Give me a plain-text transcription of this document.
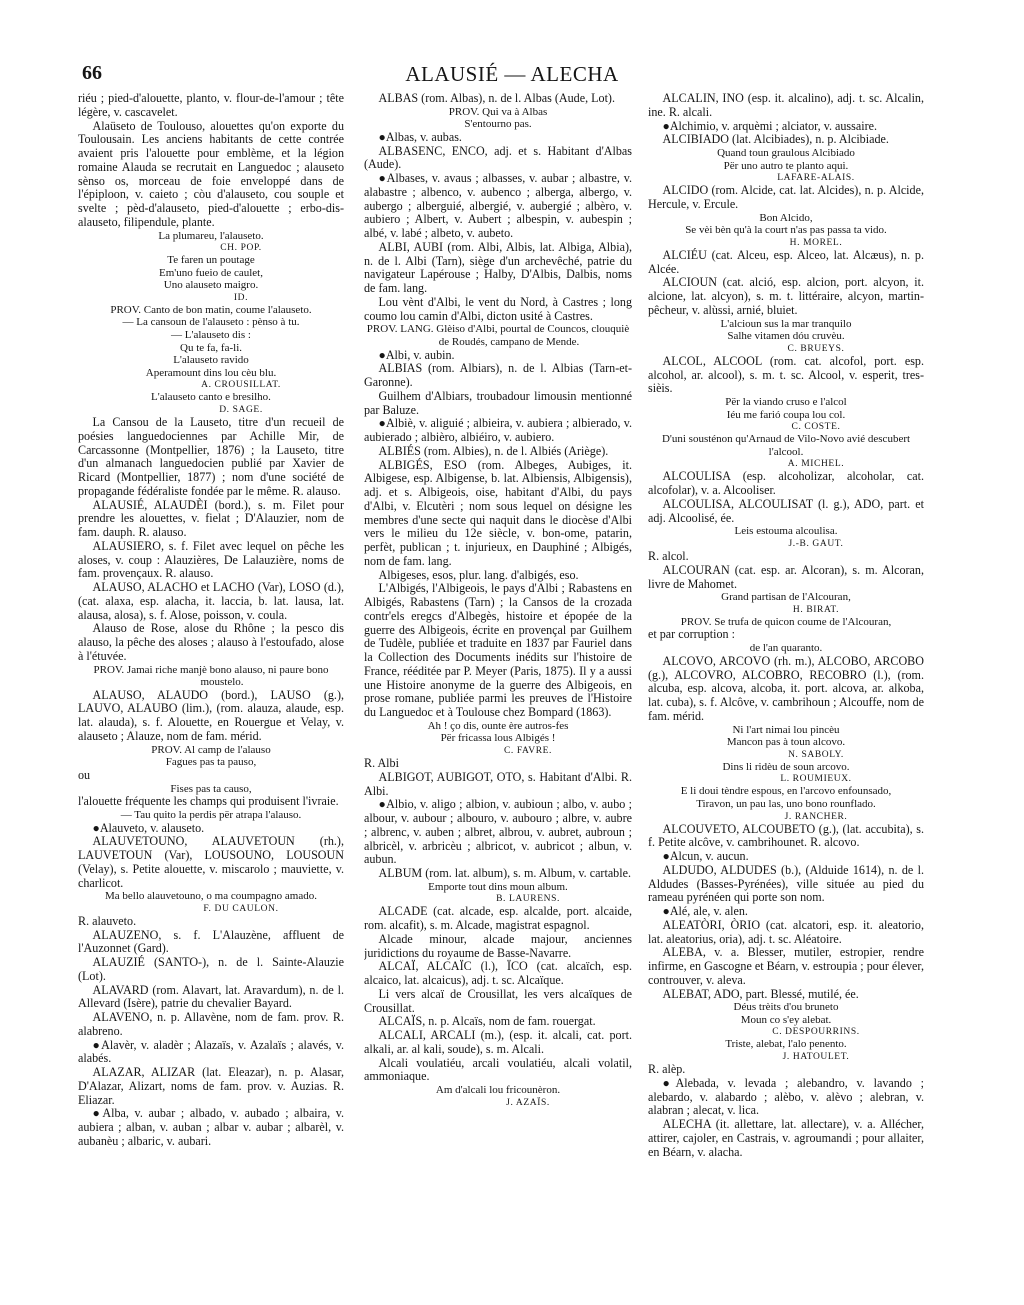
66	ALAUSIÉ — ALECHA

riéu ; pied-d'alouette, planto, v. flour-de-l'amour ; tête légère, v. cascavelet.

Alaüseto de Toulouso, alouettes qu'on exporte du Toulousain. Les anciens habitants de cette contrée avaient pris l'alouette pour emblème, et la légion romaine Alauda se recrutait en Languedoc ; alauseto sènso os, morceau de foie enveloppé dans de l'épiploon, v. caieto ; còu d'alauseto, cou souple et svelte ; pèd-d'alauseto, pied-d'alouette ; erbo-dis-alauseto, filipendule, plante.

La plumareu, l'alauseto.

CH. POP.

Te faren un poutage

Em'uno fueio de caulet,

Uno alauseto maigro.

ID.

PROV. Canto de bon matin, coume l'alauseto.

— La cansoun de l'alauseto : pènso à tu.

— L'alauseto dis :

Qu te fa, fa-li.

L'alauseto ravido

Aperamount dins lou cèu blu.

A. CROUSILLAT.

L'alauseto canto e bresilho.

D. SAGE.

La Cansou de la Lauseto, titre d'un recueil de poésies languedociennes par Achille Mir, de Carcassonne (Montpellier, 1876) ; la Lauseto, titre d'un almanach languedocien publié par Xavier de Ricard (Montpellier, 1877) ; nom d'une société de propagande fédéraliste fondée par le même. R. alauso.

ALAUSIÉ, ALAUDÈI (bord.), s. m. Filet pour prendre les alouettes, v. fielat ; D'Alauzier, nom de fam. dauph. R. alauso.

ALAUSIERO, s. f. Filet avec lequel on pêche les aloses, v. coup : Alauzières, De Lalauzière, noms de fam. provençaux. R. alauso.

ALAUSO, ALACHO et LACHO (Var), LOSO (d.), (cat. alaxa, esp. alacha, it. laccia, b. lat. lausa, lat. alausa, alosa), s. f. Alose, poisson, v. coula.

Alauso de Rose, alose du Rhône ; la pesco dis alauso, la pêche des aloses ; alauso à l'estoufado, alose à l'étuvée.

PROV. Jamai riche manjè bono alauso, ni paure bono moustelo.

ALAUSO, ALAUDO (bord.), LAUSO (g.), LAUVO, ALAUBO (lim.), (rom. alauza, alaude, esp. lat. alauda), s. f. Alouette, en Rouergue et Velay, v. alauseto ; Alauze, nom de fam. mérid.

PROV. Al camp de l'alauso

Fagues pas ta pauso,

ou

Fises pas ta causo,

l'alouette fréquente les champs qui produisent l'ivraie.

— Tau quito la perdis për atrapa l'alauso.

●Alauveto, v. alauseto.

ALAUVETOUNO, ALAUVETOUN (rh.), LAUVETOUN (Var), LOUSOUNO, LOUSOUN (Velay), s. Petite alouette, v. miscarolo ; mauviette, v. charlicot.

Ma bello alauvetouno, o ma coumpagno amado.

F. DU CAULON.

R. alauveto.

ALAUZENO, s. f. L'Alauzène, affluent de l'Auzonnet (Gard).

ALAUZIÉ (SANTO-), n. de l. Sainte-Alauzie (Lot).

ALAVARD (rom. Alavart, lat. Aravardum), n. de l. Allevard (Isère), patrie du chevalier Bayard.

ALAVENO, n. p. Allavène, nom de fam. prov. R. alabreno.

●Alavèr, v. aladèr ; Alazaïs, v. Azalaïs ; alavés, v. alabés.

ALAZAR, ALIZAR (lat. Eleazar), n. p. Alasar, D'Alazar, Alizart, noms de fam. prov. v. Auzias. R. Eliazar.

●Alba, v. aubar ; albado, v. aubado ; albaira, v. aubiera ; alban, v. auban ; albar v. aubar ; albarèl, v. aubanèu ; albaric, v. aubari.

ALBAS (rom. Albas), n. de l. Albas (Aude, Lot).

PROV. Qui va à Albas

S'entourno pas.

●Albas, v. aubas.

ALBASENC, ENCO, adj. et s. Habitant d'Albas (Aude).

●Albases, v. avaus ; albasses, v. aubar ; albastre, v. alabastre ; albenco, v. aubenco ; alberga, albergo, v. aubergo ; alberguié, albergié, v. aubergié ; albèro, v. aubiero ; Albert, v. Aubert ; albespin, v. aubespin ; albé, v. labé ; albeto, v. aubeto.

ALBI, AUBI (rom. Albi, Albis, lat. Albiga, Albia), n. de l. Albi (Tarn), siège d'un archevêché, patrie du navigateur Lapérouse ; Halby, D'Albis, Dalbis, noms de fam. lang.

Lou vènt d'Albi, le vent du Nord, à Castres ; long coumo lou camin d'Albi, dicton usité à Castres.

PROV. LANG. Glèiso d'Albi, pourtal de Councos, clouquiè de Roudés, campano de Mende.

●Albi, v. aubin.

ALBIAS (rom. Albiars), n. de l. Albias (Tarn-et-Garonne).

Guilhem d'Albiars, troubadour limousin mentionné par Baluze.

●Albiè, v. aliguié ; albieira, v. aubiera ; albierado, v. aubierado ; albièro, albiéiro, v. aubiero.

ALBIÉS (rom. Albies), n. de l. Albiés (Ariège).

ALBIGÉS, ESO (rom. Albeges, Aubiges, it. Albigese, esp. Albigense, b. lat. Albiensis, Albigensis), adj. et s. Albigeois, oise, habitant d'Albi, du pays d'Albi, v. Elcutèri ; nom sous lequel on désigne les membres d'une secte qui naquit dans le diocèse d'Albi vers le milieu du 12e siècle, v. bon-ome, patarin, perfèt, publican ; t. injurieux, en Dauphiné ; Albigés, nom de fam. lang.

Albigeses, esos, plur. lang. d'albigés, eso.

L'Albigés, l'Albigeois, le pays d'Albi ; Rabastens en Albigés, Rabastens (Tarn) ; la Cansos de la crozada contr'els eregcs d'Albegès, histoire et épopée de la guerre des Albigeois, écrite en provençal par Guilhem de Tudèle, publiée et traduite en 1837 par Fauriel dans la Collection des Documents inédits sur l'histoire de France, rééditée par P. Meyer (Paris, 1875). Il y a aussi une Histoire anonyme de la guerre des Albigeois, en prose romane, publiée parmi les preuves de l'Histoire du Languedoc et à Toulouse chez Bompard (1863).

Ah ! ço dis, ounte ère autros-fes

Për fricassa lous Albigés !

C. FAVRE.

R. Albi

ALBIGOT, AUBIGOT, OTO, s. Habitant d'Albi. R. Albi.

●Albio, v. aligo ; albion, v. aubioun ; albo, v. aubo ; albour, v. aubour ; albouro, v. aubouro ; albre, v. aubre ; albrenc, v. auben ; albret, albrou, v. aubret, aubroun ; albricèl, v. arbricèu ; albricot, v. aubricot ; albun, v. aubun.

ALBUM (rom. lat. album), s. m. Album, v. cartable.

Emporte tout dins moun album.

B. LAURENS.

ALCADE (cat. alcade, esp. alcalde, port. alcaide, rom. alcafit), s. m. Alcade, magistrat espagnol.

Alcade minour, alcade majour, anciennes juridictions du royaume de Basse-Navarre.

ALCAÏ, ALCAÏC (l.), ÏCO (cat. alcaïch, esp. alcaico, lat. alcaicus), adj. t. sc. Alcaïque.

Li vers alcaï de Crousillat, les vers alcaïques de Crousillat.

ALCAÏS, n. p. Alcaïs, nom de fam. rouergat.

ALCALI, ARCALI (m.), (esp. it. alcali, cat. port. alkali, ar. al kali, soude), s. m. Alcali.

Alcali voulatiéu, arcali voulatiéu, alcali volatil, ammoniaque.

Am d'alcali lou fricounèron.

J. AZAÏS.

ALCALIN, INO (esp. it. alcalino), adj. t. sc. Alcalin, ine. R. alcali.

●Alchimio, v. arquèmi ; alciator, v. aussaire.

ALCIBIADO (lat. Alcibiades), n. p. Alcibiade.

Quand toun graulous Alcibiado

Për uno autro te planto aqui.

LAFARE-ALAIS.

ALCIDO (rom. Alcide, cat. lat. Alcides), n. p. Alcide, Hercule, v. Ercule.

Bon Alcido,

Se vèi bèn qu'à la court n'as pas passa ta vido.

H. MOREL.

ALCIÉU (cat. Alceu, esp. Alceo, lat. Alcæus), n. p. Alcée.

ALCIOUN (cat. alció, esp. alcion, port. alcyon, it. alcione, lat. alcyon), s. m. t. littéraire, alcyon, martin-pêcheur, v. alùssi, arnié, bluiet.

L'alcioun sus la mar tranquilo

Salhe vitamen dóu cruvèu.

C. BRUEYS.

ALCOL, ALCOOL (rom. cat. alcofol, port. esp. alcohol, ar. alcool), s. m. t. sc. Alcool, v. esperit, tres-sièis.

Për la viando cruso e l'alcol

Iéu me farió coupa lou col.

C. COSTE.

D'uni sousténon qu'Arnaud de Vilo-Novo avié descubert l'alcool.

A. MICHEL.

ALCOULISA (esp. alcoholizar, alcoholar, cat. alcofolar), v. a. Alcooliser.

ALCOULISA, ALCOULISAT (l. g.), ADO, part. et adj. Alcoolisé, ée.

Leis estouma alcoulisa.

J.-B. GAUT.

R. alcol.

ALCOURAN (cat. esp. ar. Alcoran), s. m. Alcoran, livre de Mahomet.

Grand partisan de l'Alcouran,

H. BIRAT.

PROV. Se trufa de quicon coume de l'Alcouran,

et par corruption :

de l'an quaranto.

ALCOVO, ARCOVO (rh. m.), ALCOBO, ARCOBO (g.), ALCOVRO, ALCOBRO, RECOBRO (l.), (rom. alcuba, esp. alcova, alcoba, it. port. alcova, ar. alkoba, lat. cuba), s. f. Alcôve, v. cambrihoun ; Alcouffe, nom de fam. mérid.

Ni l'art nimai lou pincèu

Mancon pas à toun alcovo.

N. SABOLY.

Dins li ridèu de soun arcovo.

L. ROUMIEUX.

E li doui tèndre espous, en l'arcovo enfounsado,

Tiravon, un pau las, uno bono rounflado.

J. RANCHER.

ALCOUVETO, ALCOUBETO (g.), (lat. accubita), s. f. Petite alcôve, v. cambrihounet. R. alcovo.

●Alcun, v. aucun.

ALDUDO, ALDUDES (b.), (Alduide 1614), n. de l. Aldudes (Basses-Pyrénées), ville située au pied du rameau pyrénéen qui porte son nom.

●Alé, ale, v. alen.

ALEATÒRI, ÒRIO (cat. alcatori, esp. it. aleatorio, lat. aleatorius, oria), adj. t. sc. Aléatoire.

ALEBA, v. a. Blesser, mutiler, estropier, rendre infirme, en Gascogne et Béarn, v. estroupia ; pour élever, controuver, v. aleva.

ALEBAT, ADO, part. Blessé, mutilé, ée.

Déus trèits d'ou bruneto

Moun co s'ey alebat.

C. DESPOURRINS.

Triste, alebat, l'alo penento.

J. HATOULET.

R. alèp.

●Alebada, v. levada ; alebandro, v. lavando ; alebardo, v. alabardo ; alèbo, v. alèvo ; alebran, v. alabran ; alecat, v. lica.

ALECHA (it. allettare, lat. allectare), v. a. Allécher, attirer, cajoler, en Castrais, v. agroumandi ; pour allaiter, en Béarn, v. alacha.
